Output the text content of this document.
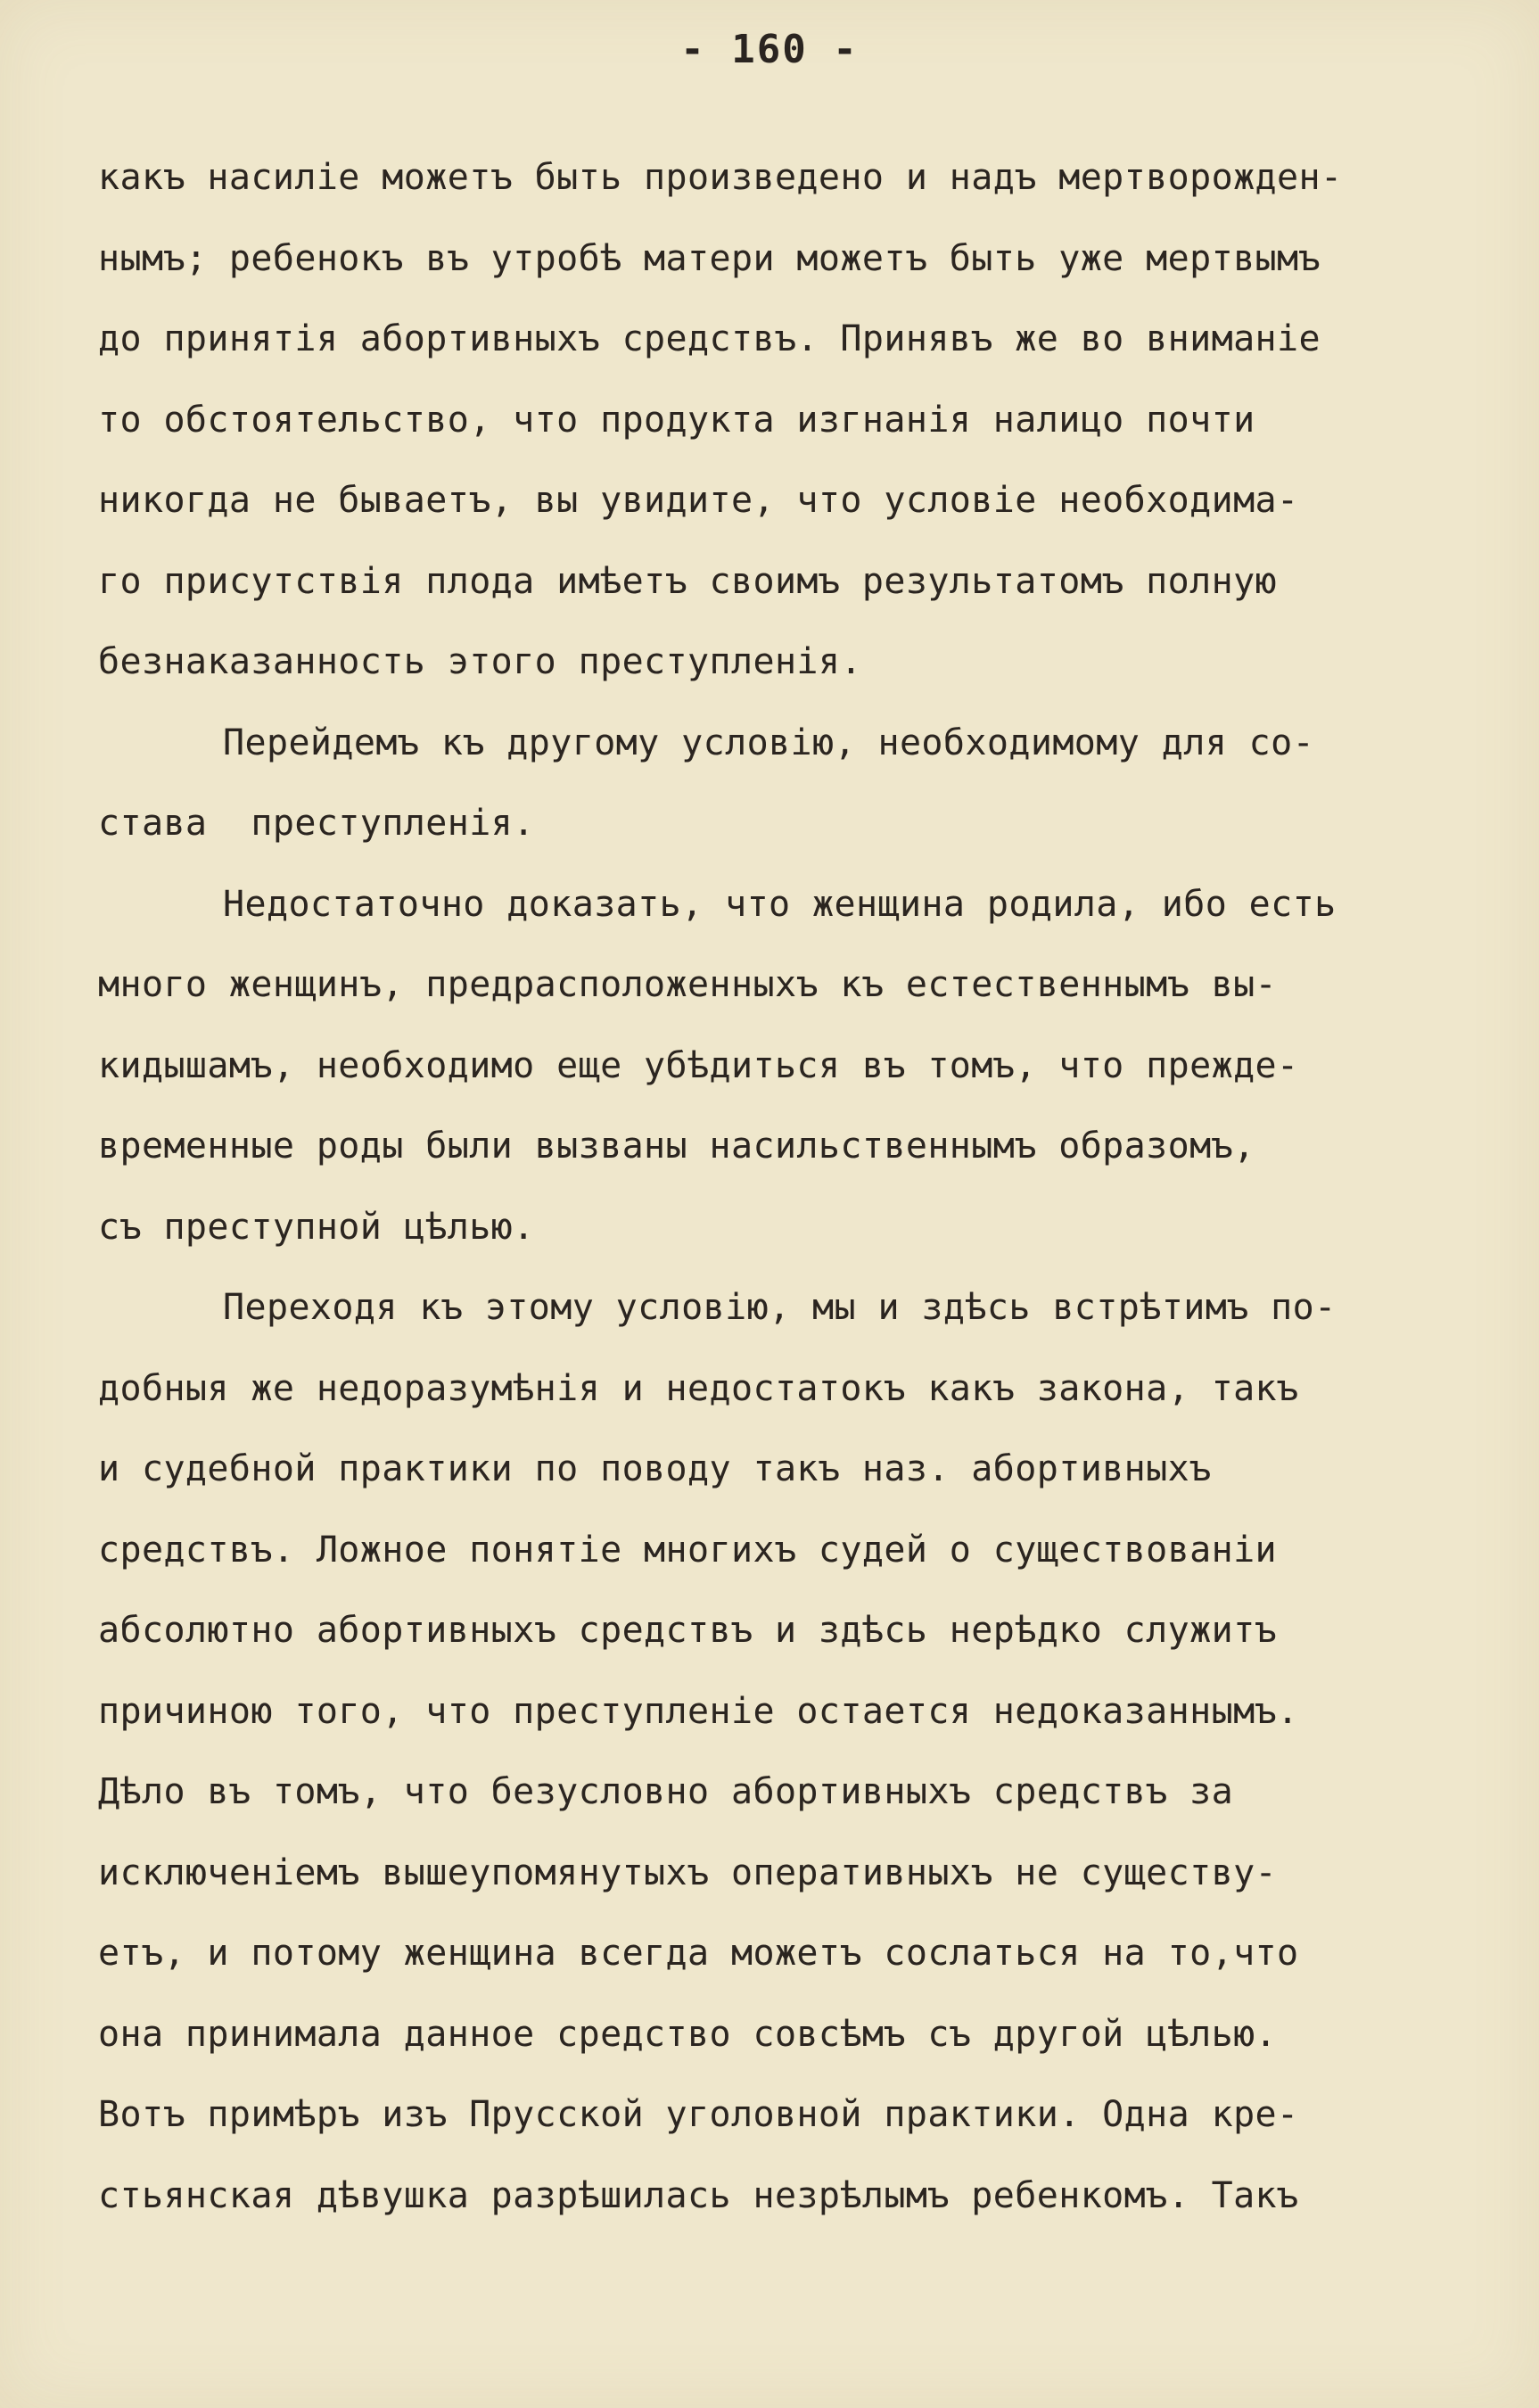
- 160 -
какъ насилiе можетъ быть произведено и надъ мертворожден-
нымъ; ребенокъ въ утробѣ матери можетъ быть уже мертвымъ
до принятiя абортивныхъ средствъ. Принявъ же во вниманiе
то обстоятельство, что продукта изгнанiя налицо почти
никогда не бываетъ, вы увидите, что условiе необходима-
го присутствiя плода имѣетъ своимъ результатомъ полную
безнаказанность этого преступленiя.
Перейдемъ къ другому условiю, необходимому для со-
става  преступленiя.
Недостаточно доказать, что женщина родила, ибо есть
много женщинъ, предрасположенныхъ къ естественнымъ вы-
кидышамъ, необходимо еще убѣдиться въ томъ, что прежде-
временные роды были вызваны насильственнымъ образомъ,
съ преступной цѣлью.
Переходя къ этому условiю, мы и здѣсь встрѣтимъ по-
добныя же недоразумѣнiя и недостатокъ какъ закона, такъ
и судебной практики по поводу такъ наз. абортивныхъ
средствъ. Ложное понятiе многихъ судей о существованiи
абсолютно абортивныхъ средствъ и здѣсь нерѣдко служитъ
причиною того, что преступленiе остается недоказаннымъ.
Дѣло въ томъ, что безусловно абортивныхъ средствъ за
исключенiемъ вышеупомянутыхъ оперативныхъ не существу-
етъ, и потому женщина всегда можетъ сослаться на то,что
она принимала данное средство совсѣмъ съ другой цѣлью.
Вотъ примѣръ изъ Прусской уголовной практики. Одна кре-
стьянская дѣвушка разрѣшилась незрѣлымъ ребенкомъ. Такъ
